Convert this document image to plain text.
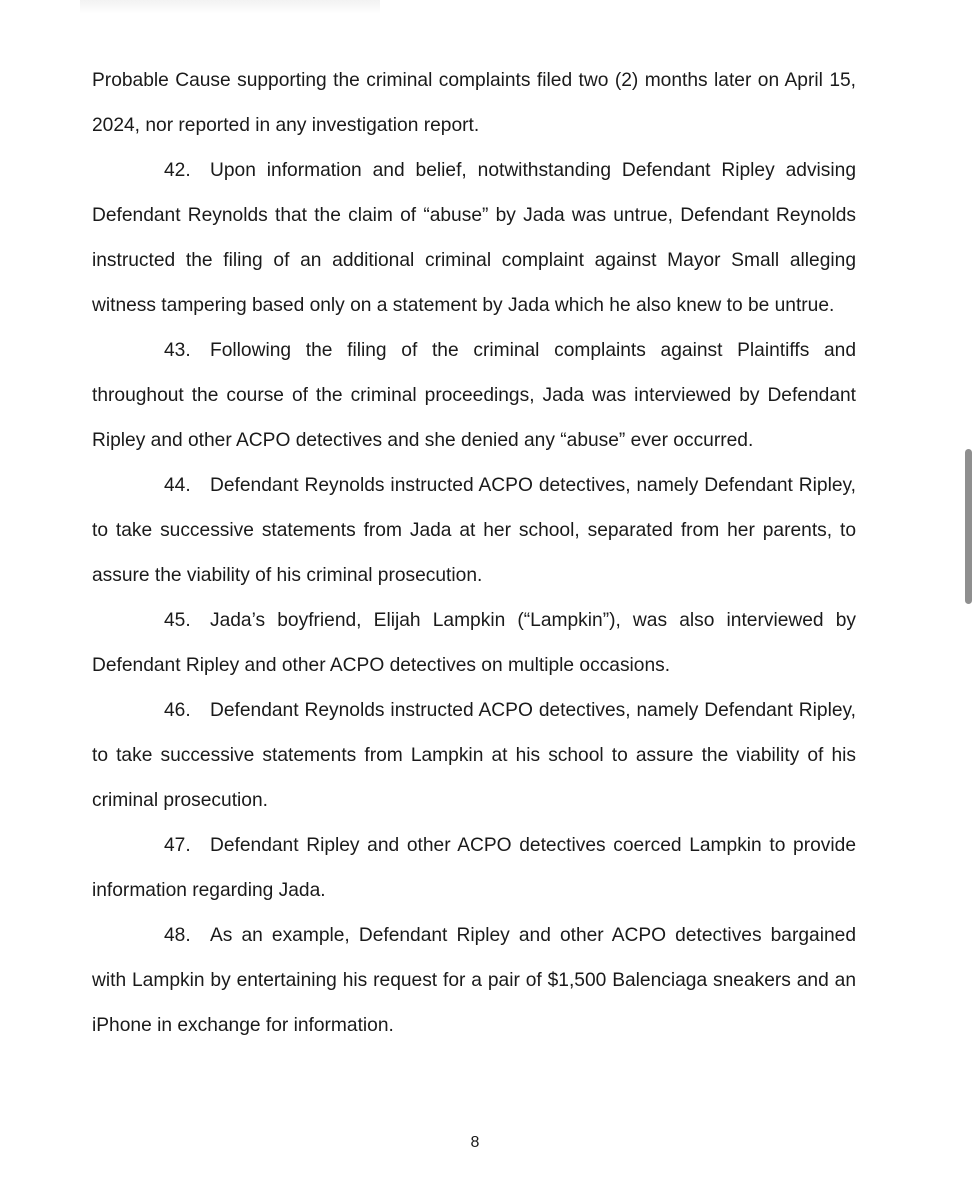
Probable Cause supporting the criminal complaints filed two (2) months later on April 15, 2024, nor reported in any investigation report.

42. Upon information and belief, notwithstanding Defendant Ripley advising Defendant Reynolds that the claim of “abuse” by Jada was untrue, Defendant Reynolds instructed the filing of an additional criminal complaint against Mayor Small alleging witness tampering based only on a statement by Jada which he also knew to be untrue.

43. Following the filing of the criminal complaints against Plaintiffs and throughout the course of the criminal proceedings, Jada was interviewed by Defendant Ripley and other ACPO detectives and she denied any “abuse” ever occurred.

44. Defendant Reynolds instructed ACPO detectives, namely Defendant Ripley, to take successive statements from Jada at her school, separated from her parents, to assure the viability of his criminal prosecution.

45. Jada’s boyfriend, Elijah Lampkin (“Lampkin”), was also interviewed by Defendant Ripley and other ACPO detectives on multiple occasions.

46. Defendant Reynolds instructed ACPO detectives, namely Defendant Ripley, to take successive statements from Lampkin at his school to assure the viability of his criminal prosecution.

47. Defendant Ripley and other ACPO detectives coerced Lampkin to provide information regarding Jada.

48. As an example, Defendant Ripley and other ACPO detectives bargained with Lampkin by entertaining his request for a pair of $1,500 Balenciaga sneakers and an iPhone in exchange for information.

8
